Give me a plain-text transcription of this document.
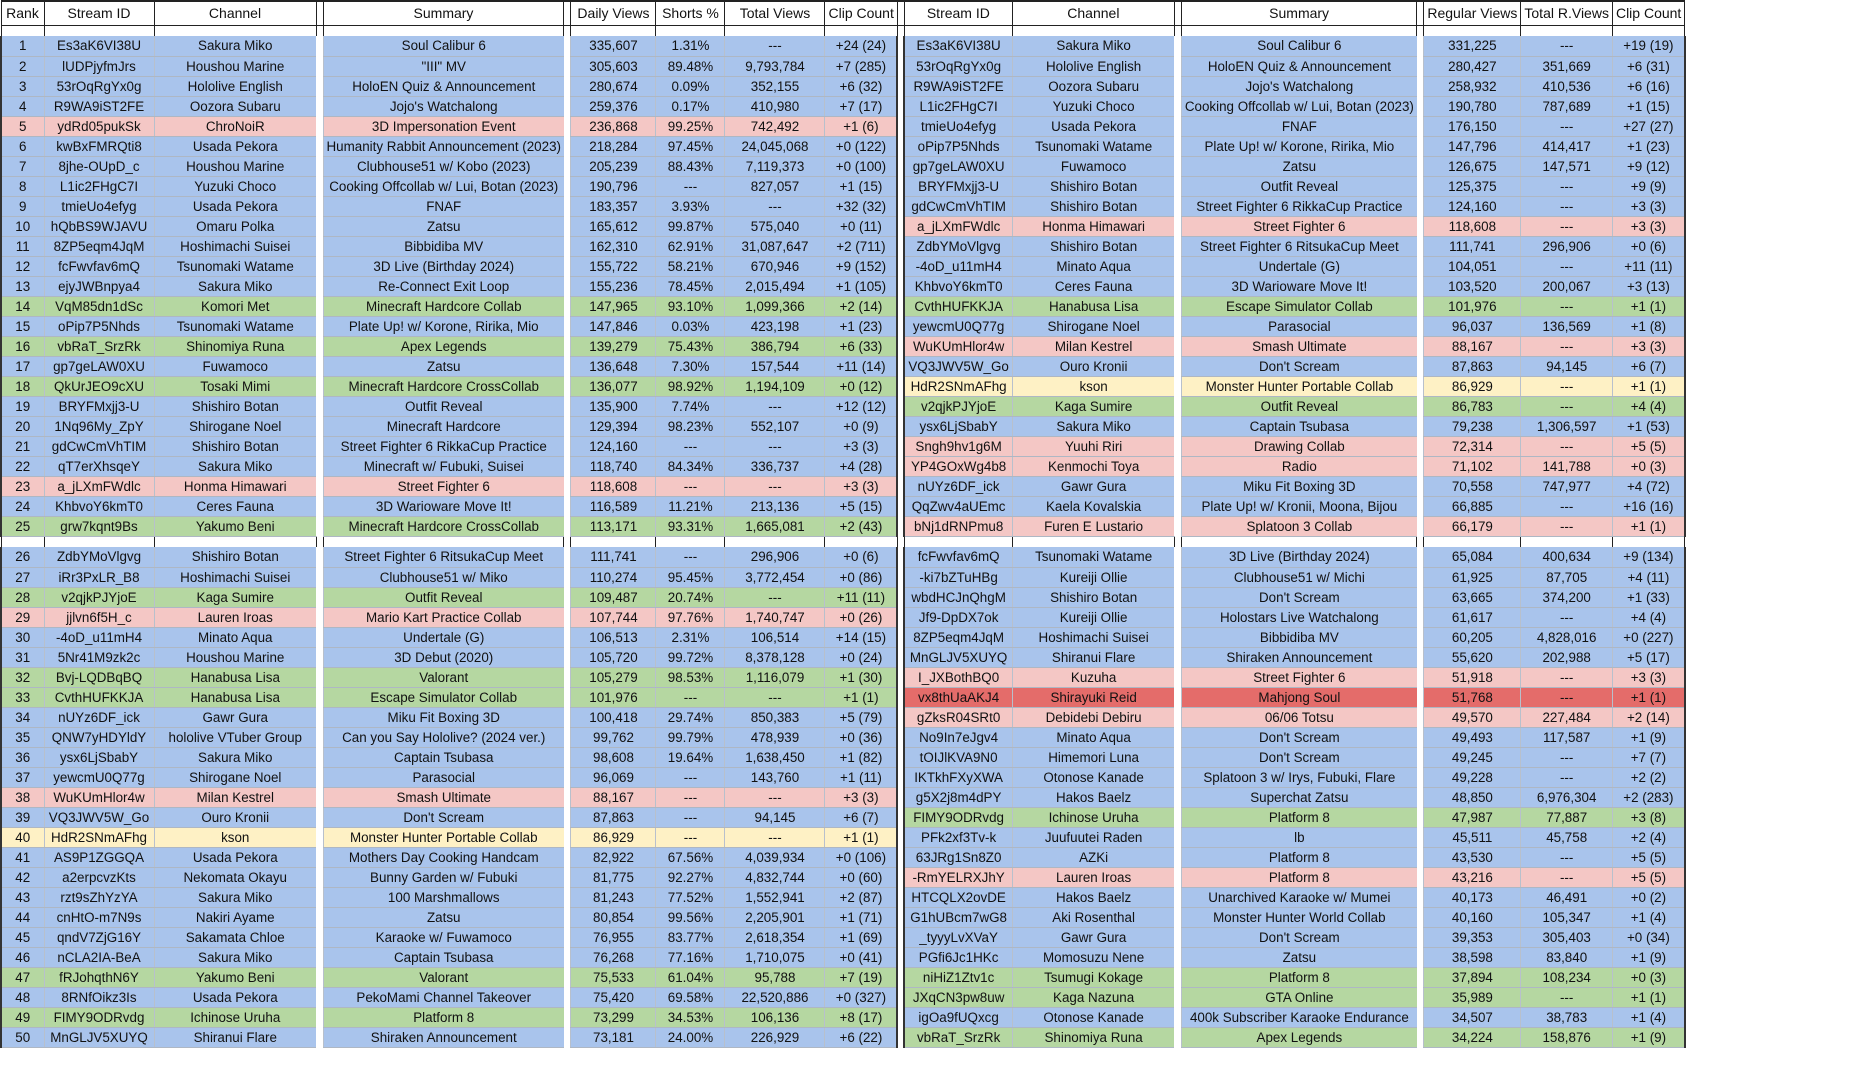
Rank	Stream ID	Channel		Summary		Daily Views	Shorts %	Total Views	Clip Count		Stream ID	Channel		Summary		Regular Views	Total R.Views	Clip Count

1	Es3aK6VI38U	Sakura Miko		Soul Calibur 6		335,607	1.31%	---	+24 (24)		Es3aK6VI38U	Sakura Miko		Soul Calibur 6		331,225	---	+19 (19)
2	lUDPjyfmJrs	Houshou Marine		"III" MV		305,603	89.48%	9,793,784	+7 (285)		53rOqRgYx0g	Hololive English		HoloEN Quiz & Announcement		280,427	351,669	+6 (31)
3	53rOqRgYx0g	Hololive English		HoloEN Quiz & Announcement		280,674	0.09%	352,155	+6 (32)		R9WA9iST2FE	Oozora Subaru		Jojo's Watchalong		258,932	410,536	+6 (16)
4	R9WA9iST2FE	Oozora Subaru		Jojo's Watchalong		259,376	0.17%	410,980	+7 (17)		L1ic2FHgC7I	Yuzuki Choco		Cooking Offcollab w/ Lui, Botan (2023)		190,780	787,689	+1 (15)
5	ydRd05pukSk	ChroNoiR		3D Impersonation Event		236,868	99.25%	742,492	+1 (6)		tmieUo4efyg	Usada Pekora		FNAF		176,150	---	+27 (27)
6	kwBxFMRQti8	Usada Pekora		Humanity Rabbit Announcement (2023)		218,284	97.45%	24,045,068	+0 (122)		oPip7P5Nhds	Tsunomaki Watame		Plate Up! w/ Korone, Ririka, Mio		147,796	414,417	+1 (23)
7	8jhe-OUpD_c	Houshou Marine		Clubhouse51 w/ Kobo (2023)		205,239	88.43%	7,119,373	+0 (100)		gp7geLAW0XU	Fuwamoco		Zatsu		126,675	147,571	+9 (12)
8	L1ic2FHgC7I	Yuzuki Choco		Cooking Offcollab w/ Lui, Botan (2023)		190,796	---	827,057	+1 (15)		BRYFMxjj3-U	Shishiro Botan		Outfit Reveal		125,375	---	+9 (9)
9	tmieUo4efyg	Usada Pekora		FNAF		183,357	3.93%	---	+32 (32)		gdCwCmVhTIM	Shishiro Botan		Street Fighter 6 RikkaCup Practice		124,160	---	+3 (3)
10	hQbBS9WJAVU	Omaru Polka		Zatsu		165,612	99.87%	575,040	+0 (11)		a_jLXmFWdlc	Honma Himawari		Street Fighter 6		118,608	---	+3 (3)
11	8ZP5eqm4JqM	Hoshimachi Suisei		Bibbidiba MV		162,310	62.91%	31,087,647	+2 (711)		ZdbYMoVlgvg	Shishiro Botan		Street Fighter 6 RitsukaCup Meet		111,741	296,906	+0 (6)
12	fcFwvfav6mQ	Tsunomaki Watame		3D Live (Birthday 2024)		155,722	58.21%	670,946	+9 (152)		-4oD_u11mH4	Minato Aqua		Undertale (G)		104,051	---	+11 (11)
13	ejyJWBnpya4	Sakura Miko		Re-Connect Exit Loop		155,236	78.45%	2,015,494	+1 (105)		KhbvoY6kmT0	Ceres Fauna		3D Warioware Move It!		103,520	200,067	+3 (13)
14	VqM85dn1dSc	Komori Met		Minecraft Hardcore Collab		147,965	93.10%	1,099,366	+2 (14)		CvthHUFKKJA	Hanabusa Lisa		Escape Simulator Collab		101,976	---	+1 (1)
15	oPip7P5Nhds	Tsunomaki Watame		Plate Up! w/ Korone, Ririka, Mio		147,846	0.03%	423,198	+1 (23)		yewcmU0Q77g	Shirogane Noel		Parasocial		96,037	136,569	+1 (8)
16	vbRaT_SrzRk	Shinomiya Runa		Apex Legends		139,279	75.43%	386,794	+6 (33)		WuKUmHlor4w	Milan Kestrel		Smash Ultimate		88,167	---	+3 (3)
17	gp7geLAW0XU	Fuwamoco		Zatsu		136,648	7.30%	157,544	+11 (14)		VQ3JWV5W_Go	Ouro Kronii		Don't Scream		87,863	94,145	+6 (7)
18	QkUrJEO9cXU	Tosaki Mimi		Minecraft Hardcore CrossCollab		136,077	98.92%	1,194,109	+0 (12)		HdR2SNmAFhg	kson		Monster Hunter Portable Collab		86,929	---	+1 (1)
19	BRYFMxjj3-U	Shishiro Botan		Outfit Reveal		135,900	7.74%	---	+12 (12)		v2qjkPJYjoE	Kaga Sumire		Outfit Reveal		86,783	---	+4 (4)
20	1Nq96My_ZpY	Shirogane Noel		Minecraft Hardcore		129,394	98.23%	552,107	+0 (9)		ysx6LjSbabY	Sakura Miko		Captain Tsubasa		79,238	1,306,597	+1 (53)
21	gdCwCmVhTIM	Shishiro Botan		Street Fighter 6 RikkaCup Practice		124,160	---	---	+3 (3)		Sngh9hv1g6M	Yuuhi Riri		Drawing Collab		72,314	---	+5 (5)
22	qT7erXhsqeY	Sakura Miko		Minecraft w/ Fubuki, Suisei		118,740	84.34%	336,737	+4 (28)		YP4GOxWg4b8	Kenmochi Toya		Radio		71,102	141,788	+0 (3)
23	a_jLXmFWdlc	Honma Himawari		Street Fighter 6		118,608	---	---	+3 (3)		nUYz6DF_ick	Gawr Gura		Miku Fit Boxing 3D		70,558	747,977	+4 (72)
24	KhbvoY6kmT0	Ceres Fauna		3D Warioware Move It!		116,589	11.21%	213,136	+5 (15)		QqZwv4aUEmc	Kaela Kovalskia		Plate Up! w/ Kronii, Moona, Bijou		66,885	---	+16 (16)
25	grw7kqnt9Bs	Yakumo Beni		Minecraft Hardcore CrossCollab		113,171	93.31%	1,665,081	+2 (43)		bNj1dRNPmu8	Furen E Lustario		Splatoon 3 Collab		66,179	---	+1 (1)

26	ZdbYMoVlgvg	Shishiro Botan		Street Fighter 6 RitsukaCup Meet		111,741	---	296,906	+0 (6)		fcFwvfav6mQ	Tsunomaki Watame		3D Live (Birthday 2024)		65,084	400,634	+9 (134)
27	iRr3PxLR_B8	Hoshimachi Suisei		Clubhouse51 w/ Miko		110,274	95.45%	3,772,454	+0 (86)		-ki7bZTuHBg	Kureiji Ollie		Clubhouse51 w/ Michi		61,925	87,705	+4 (11)
28	v2qjkPJYjoE	Kaga Sumire		Outfit Reveal		109,487	20.74%	---	+11 (11)		wbdHCJnQhgM	Shishiro Botan		Don't Scream		63,665	374,200	+1 (33)
29	jjlvn6f5H_c	Lauren Iroas		Mario Kart Practice Collab		107,744	97.76%	1,740,747	+0 (26)		Jf9-DpDX7ok	Kureiji Ollie		Holostars Live Watchalong		61,617	---	+4 (4)
30	-4oD_u11mH4	Minato Aqua		Undertale (G)		106,513	2.31%	106,514	+14 (15)		8ZP5eqm4JqM	Hoshimachi Suisei		Bibbidiba MV		60,205	4,828,016	+0 (227)
31	5Nr41M9zk2c	Houshou Marine		3D Debut (2020)		105,720	99.72%	8,378,128	+0 (24)		MnGLJV5XUYQ	Shiranui Flare		Shiraken Announcement		55,620	202,988	+5 (17)
32	Bvj-LQDBqBQ	Hanabusa Lisa		Valorant		105,279	98.53%	1,116,079	+1 (30)		I_JXBothBQ0	Kuzuha		Street Fighter 6		51,918	---	+3 (3)
33	CvthHUFKKJA	Hanabusa Lisa		Escape Simulator Collab		101,976	---	---	+1 (1)		vx8thUaAKJ4	Shirayuki Reid		Mahjong Soul		51,768	---	+1 (1)
34	nUYz6DF_ick	Gawr Gura		Miku Fit Boxing 3D		100,418	29.74%	850,383	+5 (79)		gZksR04SRt0	Debidebi Debiru		06/06 Totsu		49,570	227,484	+2 (14)
35	QNW7yHDYldY	hololive VTuber Group		Can you Say Hololive? (2024 ver.)		99,762	99.79%	478,939	+0 (36)		No9In7eJgv4	Minato Aqua		Don't Scream		49,493	117,587	+1 (9)
36	ysx6LjSbabY	Sakura Miko		Captain Tsubasa		98,608	19.64%	1,638,450	+1 (82)		tOIJlKVA9N0	Himemori Luna		Don't Scream		49,245	---	+7 (7)
37	yewcmU0Q77g	Shirogane Noel		Parasocial		96,069	---	143,760	+1 (11)		IKTkhFXyXWA	Otonose Kanade		Splatoon 3 w/ Irys, Fubuki, Flare		49,228	---	+2 (2)
38	WuKUmHlor4w	Milan Kestrel		Smash Ultimate		88,167	---	---	+3 (3)		g5X2j8m4dPY	Hakos Baelz		Superchat Zatsu		48,850	6,976,304	+2 (283)
39	VQ3JWV5W_Go	Ouro Kronii		Don't Scream		87,863	---	94,145	+6 (7)		FIMY9ODRvdg	Ichinose Uruha		Platform 8		47,987	77,887	+3 (8)
40	HdR2SNmAFhg	kson		Monster Hunter Portable Collab		86,929	---	---	+1 (1)		PFk2xf3Tv-k	Juufuutei Raden		lb		45,511	45,758	+2 (4)
41	AS9P1ZGGQA	Usada Pekora		Mothers Day Cooking Handcam		82,922	67.56%	4,039,934	+0 (106)		63JRg1Sn8Z0	AZKi		Platform 8		43,530	---	+5 (5)
42	a2erpcvzKts	Nekomata Okayu		Bunny Garden w/ Fubuki		81,775	92.27%	4,832,744	+0 (60)		-RmYELRXJhY	Lauren Iroas		Platform 8		43,216	---	+5 (5)
43	rzt9sZhYzYA	Sakura Miko		100 Marshmallows		81,243	77.52%	1,552,941	+2 (87)		HTCQLX2ovDE	Hakos Baelz		Unarchived Karaoke w/ Mumei		40,173	46,491	+0 (2)
44	cnHtO-m7N9s	Nakiri Ayame		Zatsu		80,854	99.56%	2,205,901	+1 (71)		G1hUBcm7wG8	Aki Rosenthal		Monster Hunter World Collab		40,160	105,347	+1 (4)
45	qndV7ZjG16Y	Sakamata Chloe		Karaoke w/ Fuwamoco		76,955	83.77%	2,618,354	+1 (69)		_tyyyLvXVaY	Gawr Gura		Don't Scream		39,353	305,403	+0 (34)
46	nCLA2IA-BeA	Sakura Miko		Captain Tsubasa		76,268	77.16%	1,710,075	+0 (41)		PGfi6Jc1HKc	Momosuzu Nene		Zatsu		38,598	83,840	+1 (9)
47	fRJohqthN6Y	Yakumo Beni		Valorant		75,533	61.04%	95,788	+7 (19)		niHiZ1Ztv1c	Tsumugi Kokage		Platform 8		37,894	108,234	+0 (3)
48	8RNfOikz3Is	Usada Pekora		PekoMami Channel Takeover		75,420	69.58%	22,520,886	+0 (327)		JXqCN3pw8uw	Kaga Nazuna		GTA Online		35,989	---	+1 (1)
49	FIMY9ODRvdg	Ichinose Uruha		Platform 8		73,299	34.53%	106,136	+8 (17)		igOa9fUQxcg	Otonose Kanade		400k Subscriber Karaoke Endurance		34,507	38,783	+1 (4)
50	MnGLJV5XUYQ	Shiranui Flare		Shiraken Announcement		73,181	24.00%	226,929	+6 (22)		vbRaT_SrzRk	Shinomiya Runa		Apex Legends		34,224	158,876	+1 (9)
